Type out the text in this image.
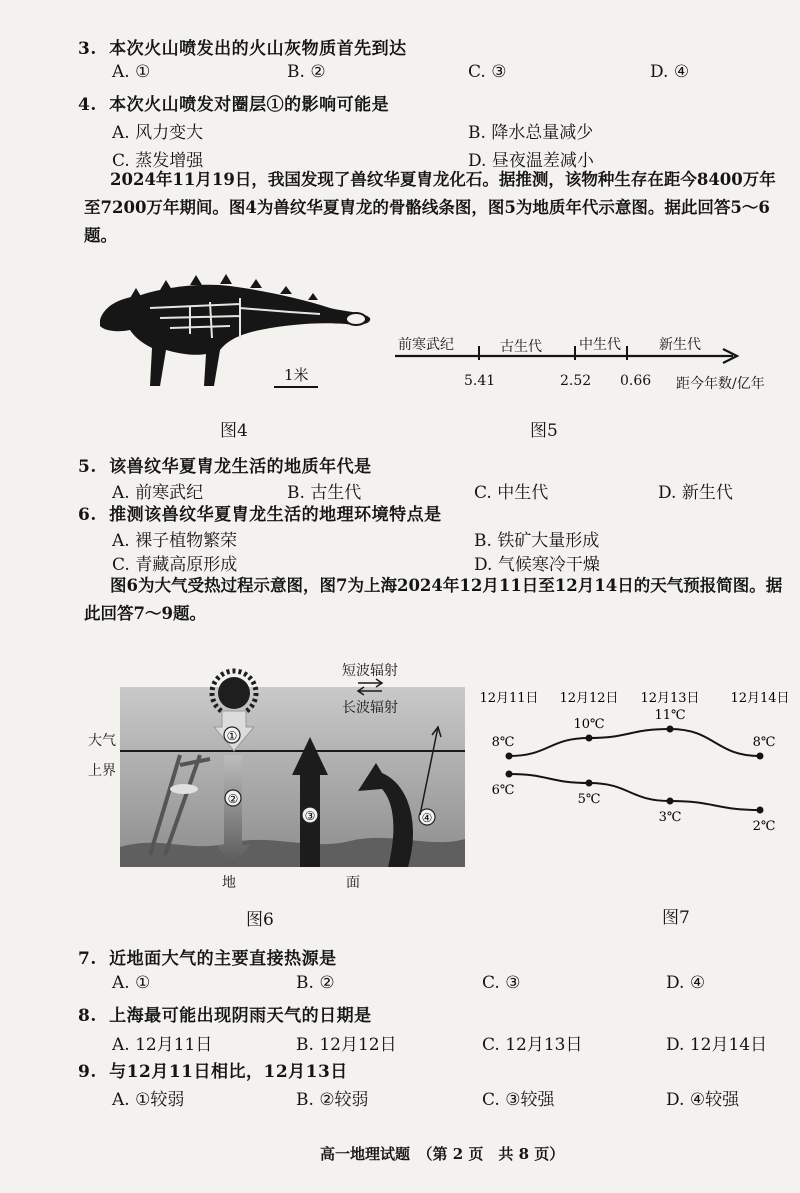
3. 本次火山喷发出的火山灰物质首先到达
A. ①	B. ②	C. ③	D. ④
4. 本次火山喷发对圈层①的影响可能是
A. 风力变大	B. 降水总量减少
C. 蒸发增强	D. 昼夜温差减小
2024年11月19日，我国发现了兽纹华夏胄龙化石。据推测，该物种生存在距今8400万年至7200万年期间。图4为兽纹华夏胄龙的骨骼线条图，图5为地质年代示意图。据此回答5～6题。
1米
图4
前寒武纪	古生代	中生代	新生代
5.41	2.52 0.66 距今年数/亿年
图5
5. 该兽纹华夏胄龙生活的地质年代是
A. 前寒武纪	B. 古生代	C. 中生代	D. 新生代
6. 推测该兽纹华夏胄龙生活的地理环境特点是
A. 裸子植物繁荣	B. 铁矿大量形成
C. 青藏高原形成	D. 气候寒冷干燥
图6为大气受热过程示意图，图7为上海2024年12月11日至12月14日的天气预报简图。据此回答7～9题。
①
②
③	④
短波辐射
长波辐射
大气
上界
地	面
图6
12月11日 12月12日 12月13日 12月14日
8℃
10℃
11℃
8℃
6℃
5℃
3℃
2℃
图7
7. 近地面大气的主要直接热源是
A. ①	B. ②	C. ③	D. ④
8. 上海最可能出现阴雨天气的日期是
A. 12月11日	B. 12月12日	C. 12月13日	D. 12月14日
9. 与12月11日相比，12月13日
A. ①较弱	B. ②较弱	C. ③较强	D. ④较强
高一地理试题　（第 2 页　共 8 页）
